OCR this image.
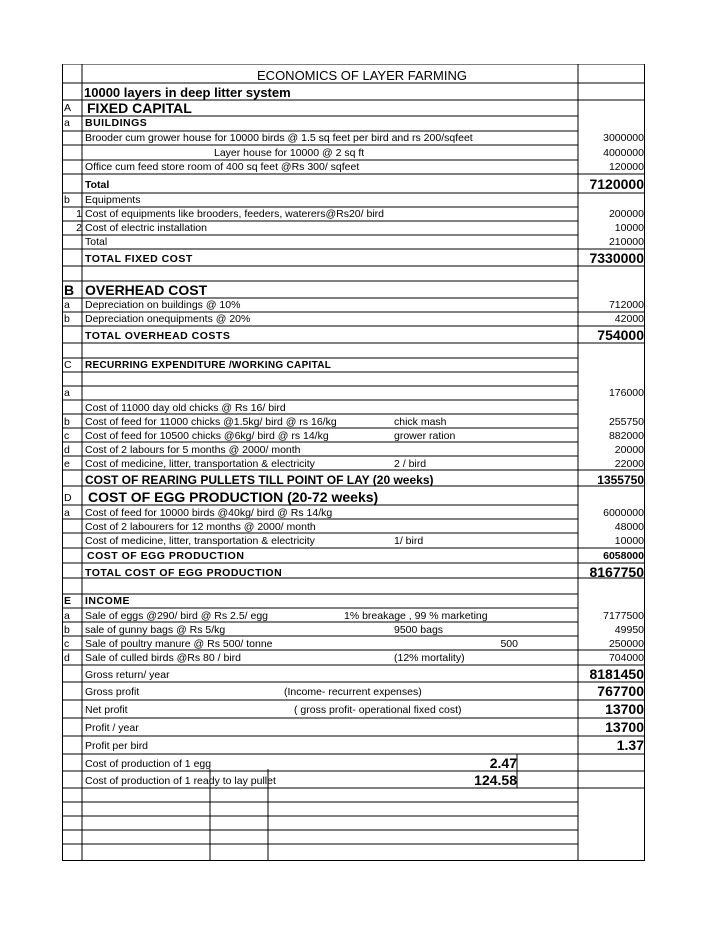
ECONOMICS OF LAYER FARMING
10000 layers in deep litter system
A FIXED CAPITAL
a BUILDINGS
Brooder cum grower house for 10000 birds @ 1.5 sq feet per bird and rs 200/sqfeet	3000000
Layer house for 10000 @ 2 sq ft	4000000
Office cum feed store room of 400 sq feet @Rs 300/ sqfeet	120000
Total	7120000
b Equipments
1 Cost of equipments like brooders, feeders, waterers@Rs20/ bird	200000
2 Cost of electric installation	10000
Total	210000
TOTAL FIXED COST	7330000
B OVERHEAD COST
a Depreciation on buildings @ 10%	712000
b Depreciation onequipments @ 20%	42000
TOTAL OVERHEAD COSTS	754000
C RECURRING EXPENDITURE /WORKING CAPITAL
a	176000
Cost of 11000 day old chicks @ Rs 16/ bird
b Cost of feed for 11000 chicks @1.5kg/ bird @ rs 16/kg	chick mash	255750
c Cost of feed for 10500 chicks @6kg/ bird @ rs 14/kg	grower ration	882000
d Cost of 2 labours for 5 months @ 2000/ month	20000
e Cost of medicine, litter, transportation & electricity	2 / bird	22000
COST OF REARING PULLETS TILL POINT OF LAY (20 weeks)	1355750
D COST OF EGG PRODUCTION (20-72 weeks)
a Cost of feed for 10000 birds @40kg/ bird @ Rs 14/kg	6000000
Cost of 2 labourers for 12 months @ 2000/ month	48000
Cost of medicine, litter, transportation & electricity	1/ bird	10000
COST OF EGG PRODUCTION	6058000
TOTAL COST OF EGG PRODUCTION	8167750
E INCOME
a Sale of eggs @290/ bird @ Rs 2.5/ egg	1% breakage , 99 % marketing	7177500
b sale of gunny bags @ Rs 5/kg	9500 bags	49950
c Sale of poultry manure @ Rs 500/ tonne	500	250000
d Sale of culled birds @Rs 80 / bird	(12% mortality)	704000
Gross return/ year	8181450
Gross profit	(Income- recurrent expenses)	767700
Net profit	( gross profit- operational fixed cost)	13700
Profit / year	13700
Profit per bird	1.37
Cost of production of 1 egg	2.47
Cost of production of 1 ready to lay pullet	124.58
